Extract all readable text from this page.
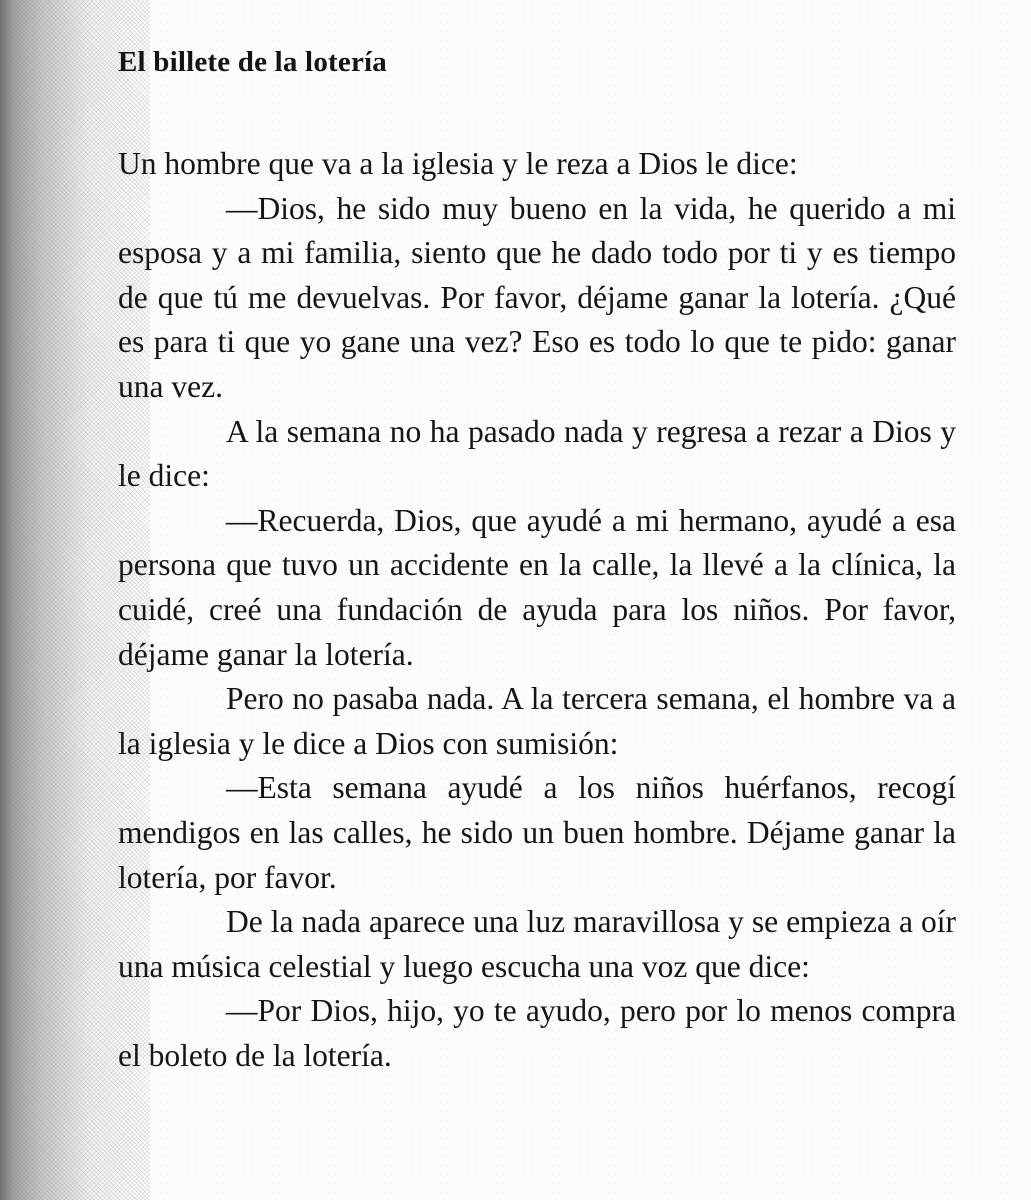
El billete de la lotería

Un hombre que va a la iglesia y le reza a Dios le dice:

—Dios, he sido muy bueno en la vida, he querido a mi esposa y a mi familia, siento que he dado todo por ti y es tiempo de que tú me devuelvas. Por favor, déjame ganar la lotería. ¿Qué es para ti que yo gane una vez? Eso es todo lo que te pido: ganar una vez.

A la semana no ha pasado nada y regresa a rezar a Dios y le dice:

—Recuerda, Dios, que ayudé a mi hermano, ayudé a esa persona que tuvo un accidente en la calle, la llevé a la clínica, la cuidé, creé una fundación de ayuda para los niños. Por favor, déjame ganar la lotería.

Pero no pasaba nada. A la tercera semana, el hombre va a la iglesia y le dice a Dios con sumisión:

—Esta semana ayudé a los niños huérfanos, recogí mendigos en las calles, he sido un buen hombre. Déjame ganar la lotería, por favor.

De la nada aparece una luz maravillosa y se empieza a oír una música celestial y luego escucha una voz que dice:

—Por Dios, hijo, yo te ayudo, pero por lo menos compra el boleto de la lotería.
